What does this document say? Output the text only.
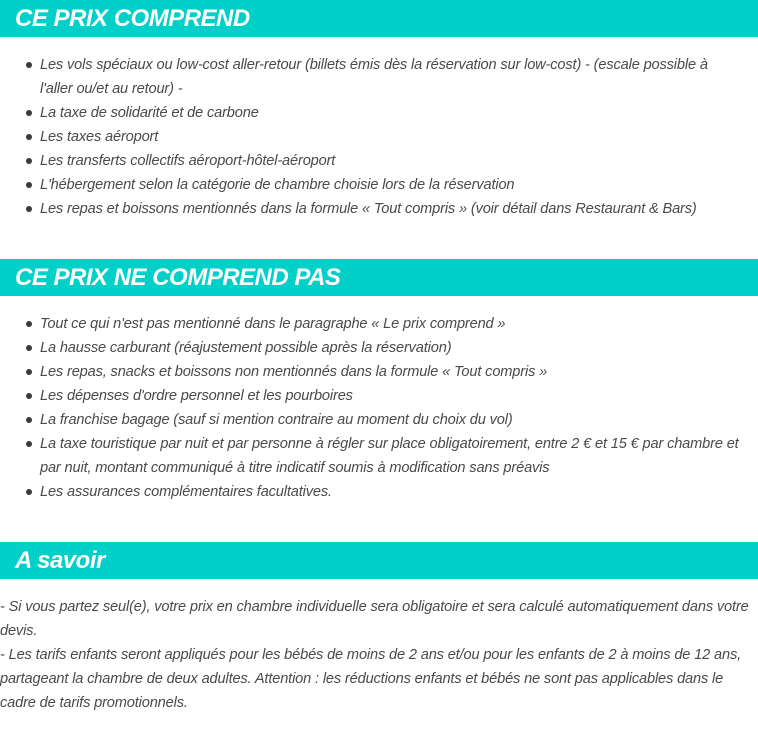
CE PRIX COMPREND
Les vols spéciaux ou low-cost aller-retour (billets émis dès la réservation sur low-cost) - (escale possible à l'aller ou/et au retour) -
La taxe de solidarité et de carbone
Les taxes aéroport
Les transferts collectifs aéroport-hôtel-aéroport
L'hébergement selon la catégorie de chambre choisie lors de la réservation
Les repas et boissons mentionnés dans la formule « Tout compris » (voir détail dans Restaurant & Bars)
CE PRIX NE COMPREND PAS
Tout ce qui n'est pas mentionné dans le paragraphe « Le prix comprend »
La hausse carburant (réajustement possible après la réservation)
Les repas, snacks et boissons non mentionnés dans la formule « Tout compris »
Les dépenses d'ordre personnel et les pourboires
La franchise bagage (sauf si mention contraire au moment du choix du vol)
La taxe touristique par nuit et par personne à régler sur place obligatoirement, entre 2 € et 15 € par chambre et par nuit, montant communiqué à titre indicatif soumis à modification sans préavis
Les assurances complémentaires facultatives.
A savoir

- Si vous partez seul(e), votre prix en chambre individuelle sera obligatoire et sera calculé automatiquement dans votre devis.

- Les tarifs enfants seront appliqués pour les bébés de moins de 2 ans et/ou pour les enfants de 2 à moins de 12 ans, partageant la chambre de deux adultes. Attention : les réductions enfants et bébés ne sont pas applicables dans le cadre de tarifs promotionnels.
